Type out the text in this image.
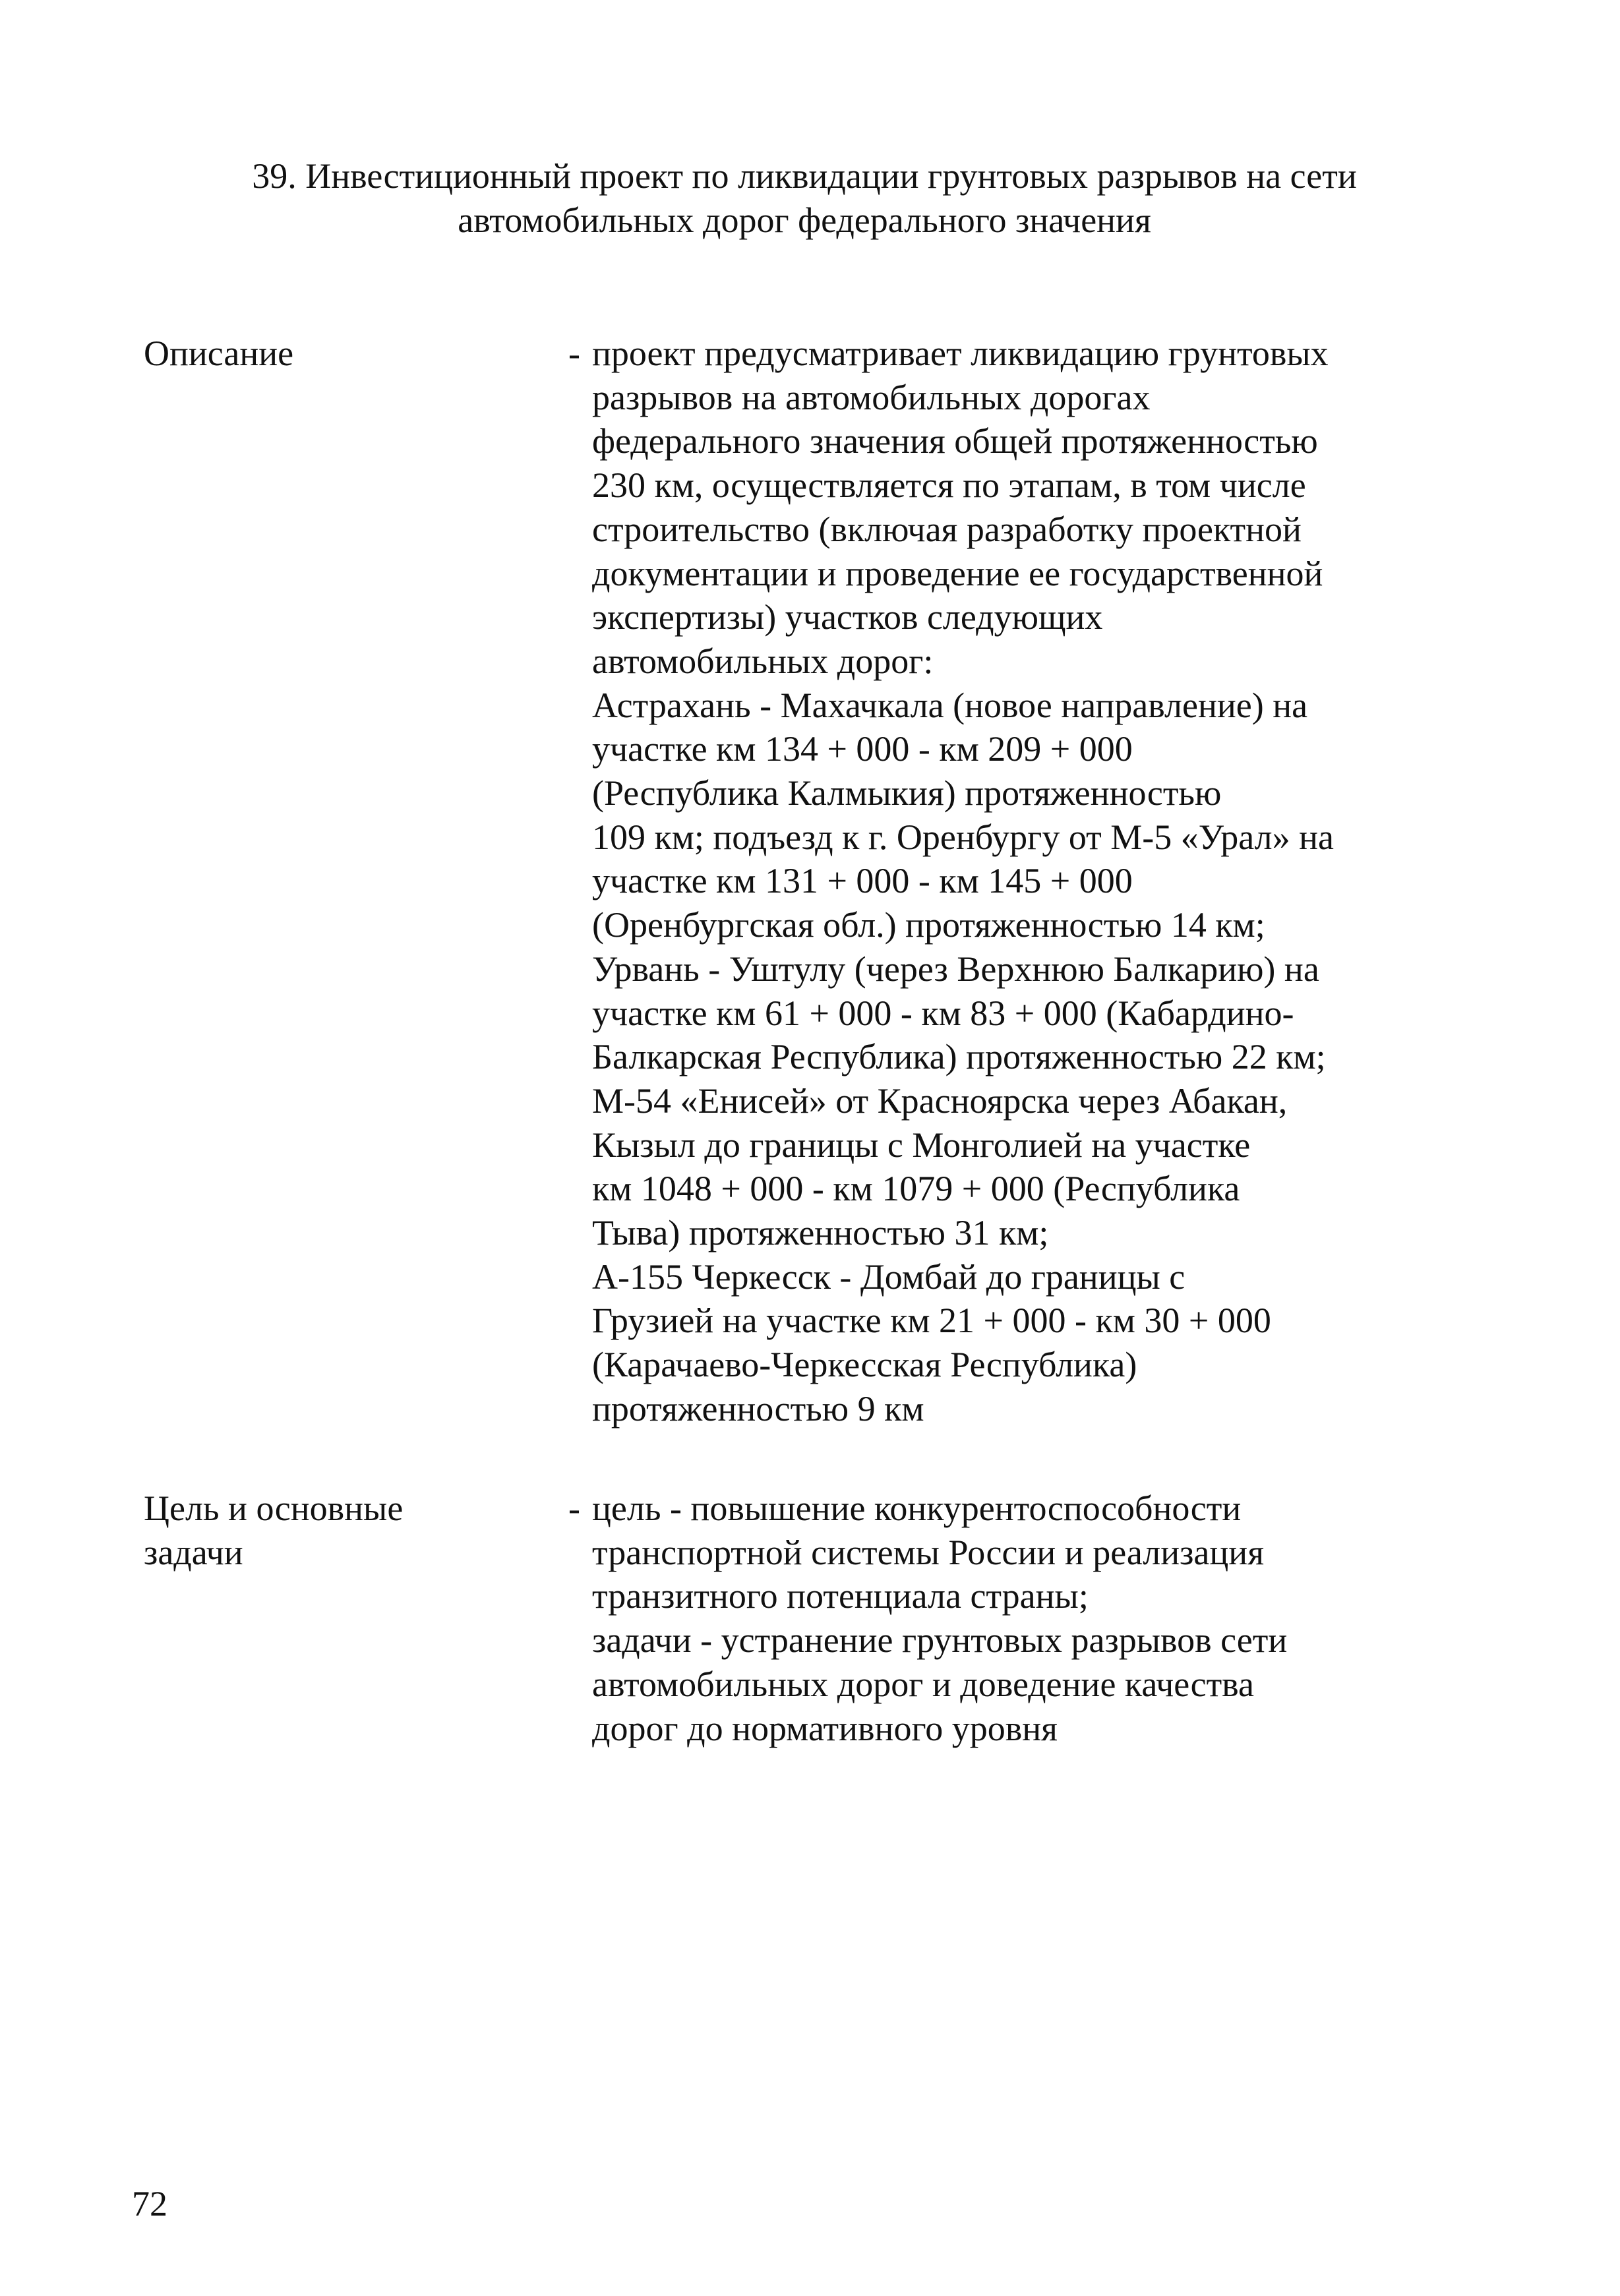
39. Инвестиционный проект по ликвидации грунтовых разрывов на сети
автомобильных дорог федерального значения
Описание	- проект предусматривает ликвидацию грунтовых
разрывов на автомобильных дорогах
федерального значения общей протяженностью
230 км, осуществляется по этапам, в том числе
строительство (включая разработку проектной
документации и проведение ее государственной
экспертизы) участков следующих
автомобильных дорог:
Астрахань - Махачкала (новое направление) на
участке км 134 + 000 - км 209 + 000
(Республика Калмыкия) протяженностью
109 км; подъезд к г. Оренбургу от М-5 «Урал» на
участке км 131 + 000 - км 145 + 000
(Оренбургская обл.) протяженностью 14 км;
Урвань - Уштулу (через Верхнюю Балкарию) на
участке км 61 + 000 - км 83 + 000 (Кабардино-
Балкарская Республика) протяженностью 22 км;
М-54 «Енисей» от Красноярска через Абакан,
Кызыл до границы с Монголией на участке
км 1048 + 000 - км 1079 + 000 (Республика
Тыва) протяженностью 31 км;
А-155 Черкесск - Домбай до границы с
Грузией на участке км 21 + 000 - км 30 + 000
(Карачаево-Черкесская Республика)
протяженностью 9 км
Цель и основные
задачи
- цель - повышение конкурентоспособности
транспортной системы России и реализация
транзитного потенциала страны;
задачи - устранение грунтовых разрывов сети
автомобильных дорог и доведение качества
дорог до нормативного уровня
72
